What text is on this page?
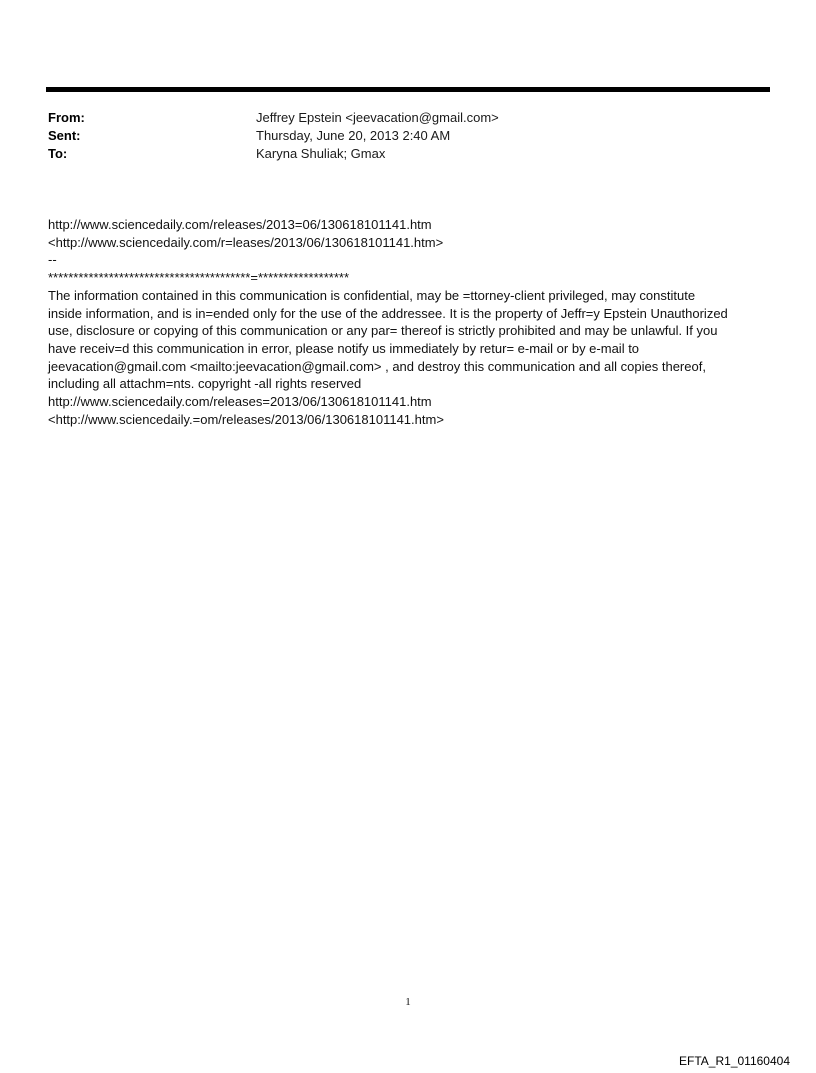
From:	Jeffrey Epstein <jeevacation@gmail.com>
Sent:	Thursday, June 20, 2013 2:40 AM
To:	Karyna Shuliak; Gmax
http://www.sciencedaily.com/releases/2013=06/130618101141.htm
<http://www.sciencedaily.com/r=leases/2013/06/130618101141.htm>
--
****************************************=******************
The information contained in this communication is confidential, may be =ttorney-client privileged, may constitute
inside information, and is in=ended only for the use of the addressee. It is the property of Jeffr=y Epstein Unauthorized
use, disclosure or copying of this communication or any par= thereof is strictly prohibited and may be unlawful. If you
have receiv=d this communication in error, please notify us immediately by retur= e-mail or by e-mail to
jeevacation@gmail.com <mailto:jeevacation@gmail.com> , and destroy this communication and all copies thereof,
including all attachm=nts. copyright -all rights reserved
http://www.sciencedaily.com/releases=2013/06/130618101141.htm
<http://www.sciencedaily.=om/releases/2013/06/130618101141.htm>
1
EFTA_R1_01160404
